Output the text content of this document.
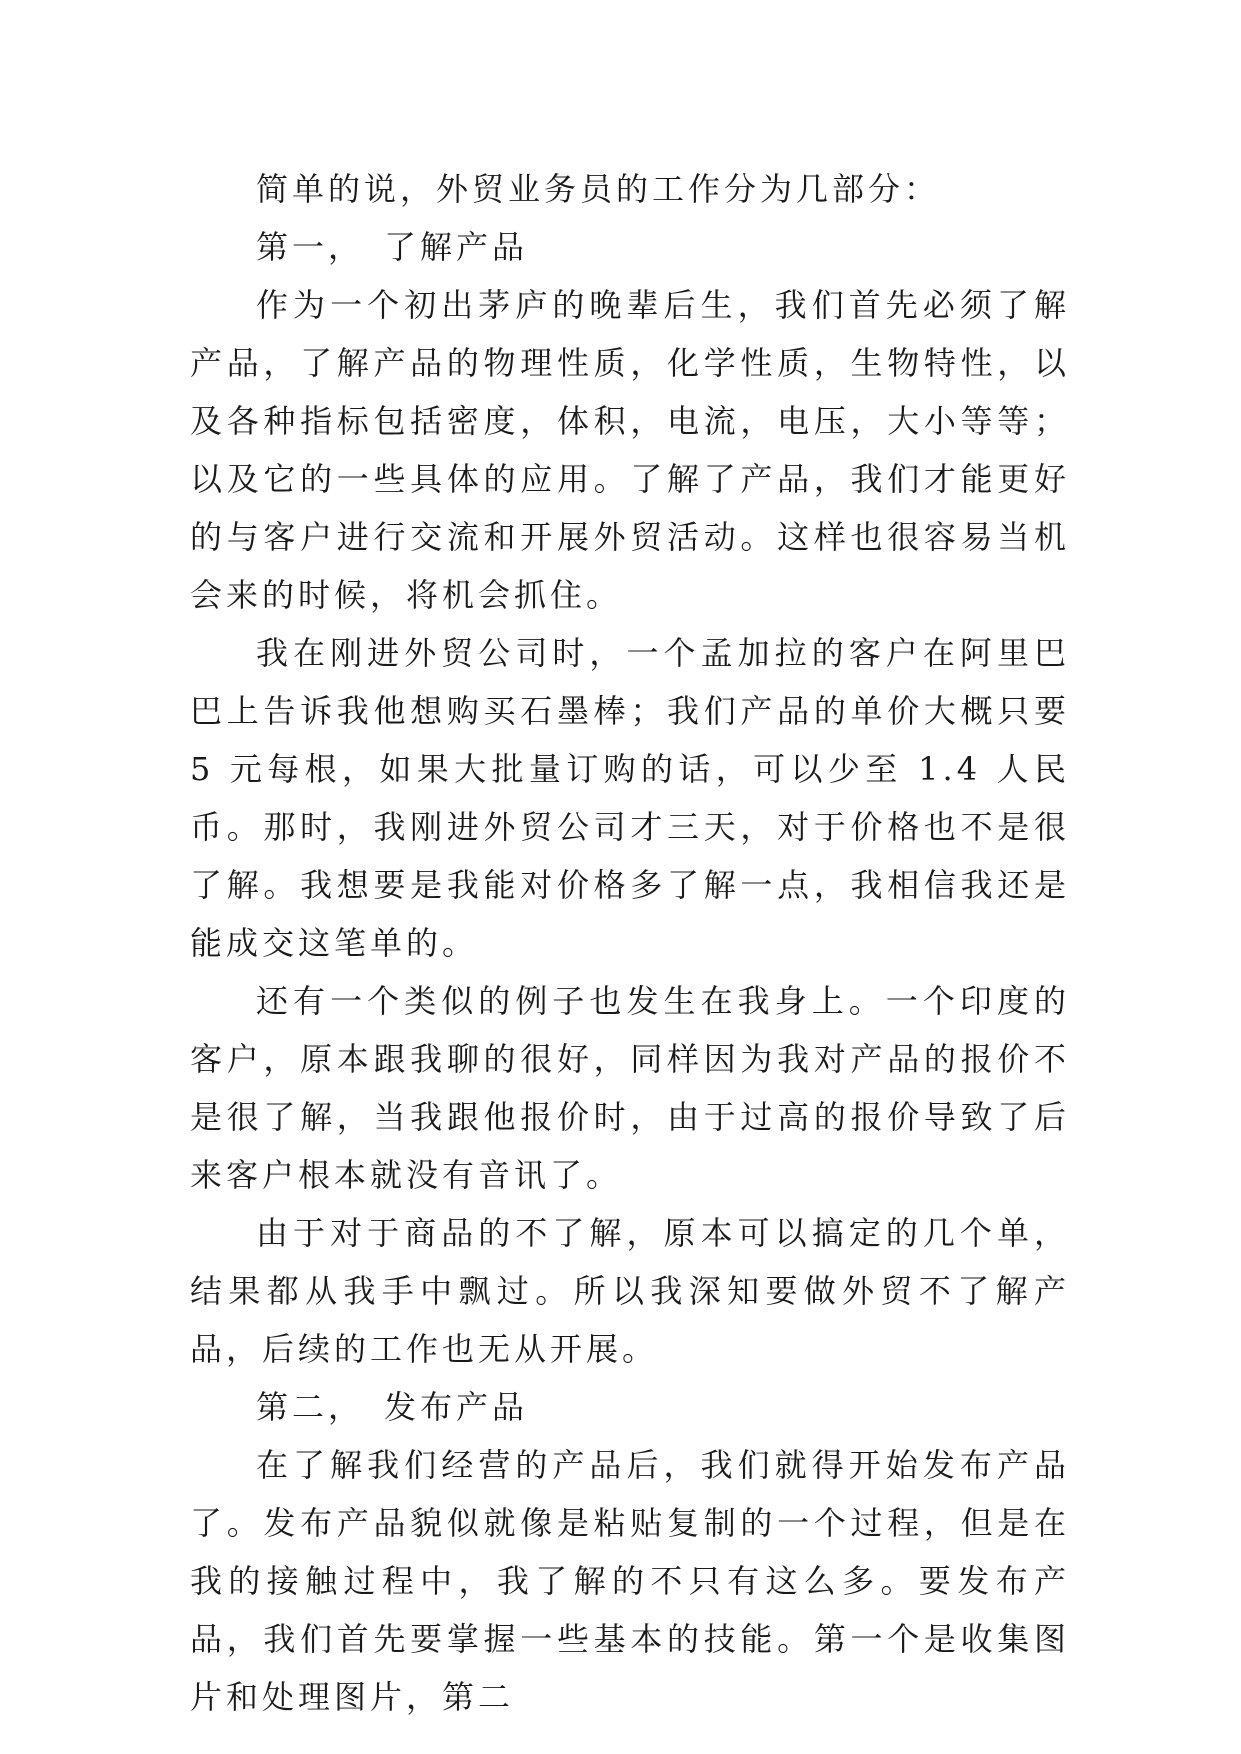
简单的说，外贸业务员的工作分为几部分：

第一，　了解产品

作为一个初出茅庐的晚辈后生，我们首先必须了解产品，了解产品的物理性质，化学性质，生物特性，以及各种指标包括密度，体积，电流，电压，大小等等；以及它的一些具体的应用。了解了产品，我们才能更好的与客户进行交流和开展外贸活动。这样也很容易当机会来的时候，将机会抓住。

我在刚进外贸公司时，一个孟加拉的客户在阿里巴巴上告诉我他想购买石墨棒；我们产品的单价大概只要 5 元每根，如果大批量订购的话，可以少至 1.4 人民币。那时，我刚进外贸公司才三天，对于价格也不是很了解。我想要是我能对价格多了解一点，我相信我还是能成交这笔单的。

还有一个类似的例子也发生在我身上。一个印度的客户，原本跟我聊的很好，同样因为我对产品的报价不是很了解，当我跟他报价时，由于过高的报价导致了后来客户根本就没有音讯了。

由于对于商品的不了解，原本可以搞定的几个单，结果都从我手中飘过。所以我深知要做外贸不了解产品，后续的工作也无从开展。

第二，　发布产品

在了解我们经营的产品后，我们就得开始发布产品了。发布产品貌似就像是粘贴复制的一个过程，但是在我的接触过程中，我了解的不只有这么多。要发布产品，我们首先要掌握一些基本的技能。第一个是收集图片和处理图片，第二
